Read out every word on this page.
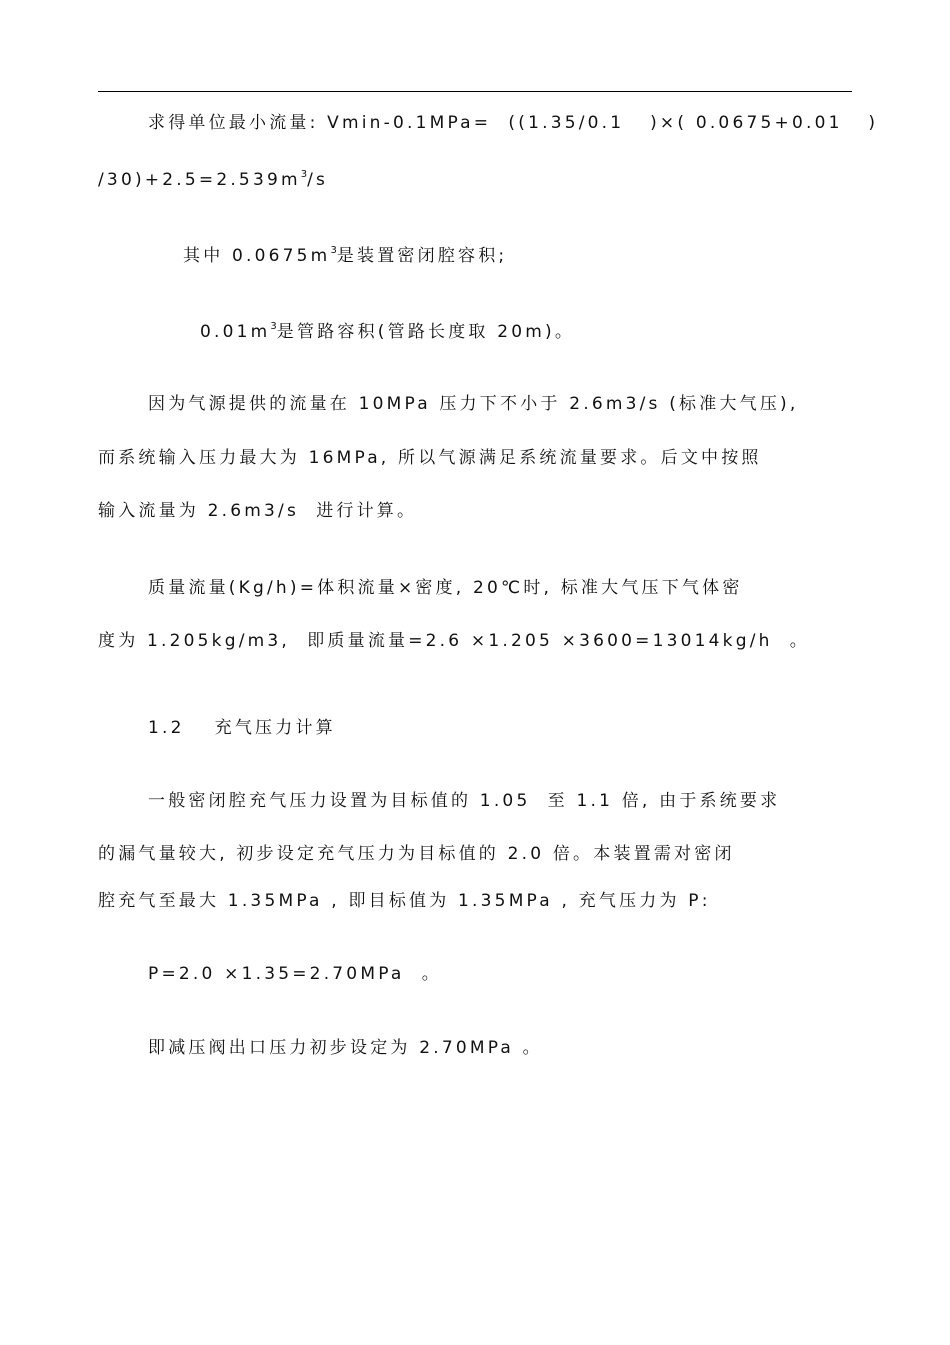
求得单位最小流量: Vmin-0.1MPa=  ((1.35/0.1   )×( 0.0675+0.01   )
$/30)+2.5=2.539m^3/s$
其中 $0.0675m^3$是装置密闭腔容积;
$0.01m^3$是管路容积(管路长度取 20m)。
因为气源提供的流量在 10MPa 压力下不小于 2.6m3/s (标准大气压),
而系统输入压力最大为 16MPa, 所以气源满足系统流量要求。后文中按照
输入流量为 2.6m3/s  进行计算。
质量流量(Kg/h)=体积流量×密度, 20℃时, 标准大气压下气体密
度为 1.205kg/m3,  即质量流量=2.6 ×1.205 ×3600=13014kg/h  。
1.2 充气压力计算
一般密闭腔充气压力设置为目标值的 1.05  至 1.1 倍, 由于系统要求
的漏气量较大, 初步设定充气压力为目标值的 2.0 倍。本装置需对密闭
腔充气至最大 1.35MPa , 即目标值为 1.35MPa , 充气压力为 P:
P=2.0 ×1.35=2.70MPa  。
即减压阀出口压力初步设定为 2.70MPa 。
